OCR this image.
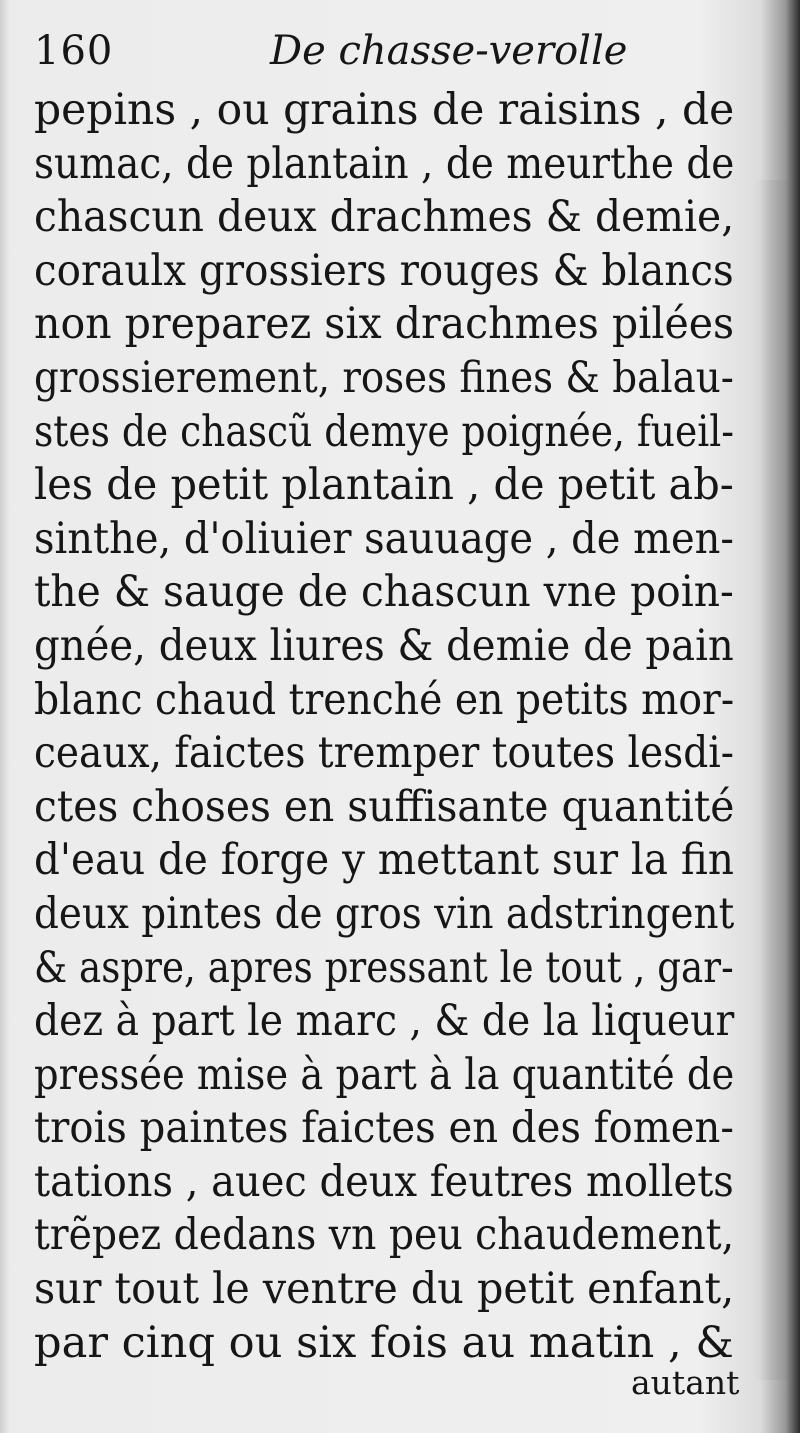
160	De chasse-verolle
pepins , ou grains de raisins , de
sumac, de plantain , de meurthe de
chascun deux drachmes & demie,
coraulx grossiers rouges & blancs
non preparez six drachmes pilées
grossierement, roses fines & balau-
stes de chascũ demye poignée, fueil-
les de petit plantain , de petit ab-
sinthe, d'oliuier sauuage , de men-
the & sauge de chascun vne poin-
gnée, deux liures & demie de pain
blanc chaud trenché en petits mor-
ceaux, faictes tremper toutes lesdi-
ctes choses en suffisante quantité
d'eau de forge y mettant sur la fin
deux pintes de gros vin adstringent
& aspre, apres pressant le tout , gar-
dez à part le marc , & de la liqueur
pressée mise à part à la quantité de
trois paintes faictes en des fomen-
tations , auec deux feutres mollets
trẽpez dedans vn peu chaudement,
sur tout le ventre du petit enfant,
par cinq ou six fois au matin , &
autant
